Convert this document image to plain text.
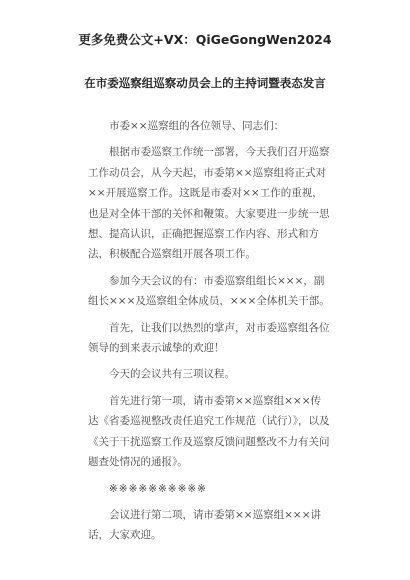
更多免费公文+VX：QiGeGongWen2024
在市委巡察组巡察动员会上的主持词暨表态发言

市委××巡察组的各位领导、同志们：

根据市委巡察工作统一部署，今天我们召开巡察工作动员会，从今天起，市委第××巡察组将正式对××开展巡察工作。这既是市委对××工作的重视，也是对全体干部的关怀和鞭策。大家要进一步统一思想、提高认识，正确把握巡察工作内容、形式和方法，积极配合巡察组开展各项工作。

参加今天会议的有：市委巡察组组长×××，副组长×××及巡察组全体成员，×××全体机关干部。

首先，让我们以热烈的掌声，对市委巡察组各位领导的到来表示诚挚的欢迎！

今天的会议共有三项议程。

首先进行第一项，请市委第××巡察组×××传达《省委巡视整改责任追究工作规范（试行）》，以及《关于干扰巡察工作及巡察反馈问题整改不力有关问题查处情况的通报》。

※※※※※※※※※※

会议进行第二项，请市委第××巡察组×××讲话，大家欢迎。
